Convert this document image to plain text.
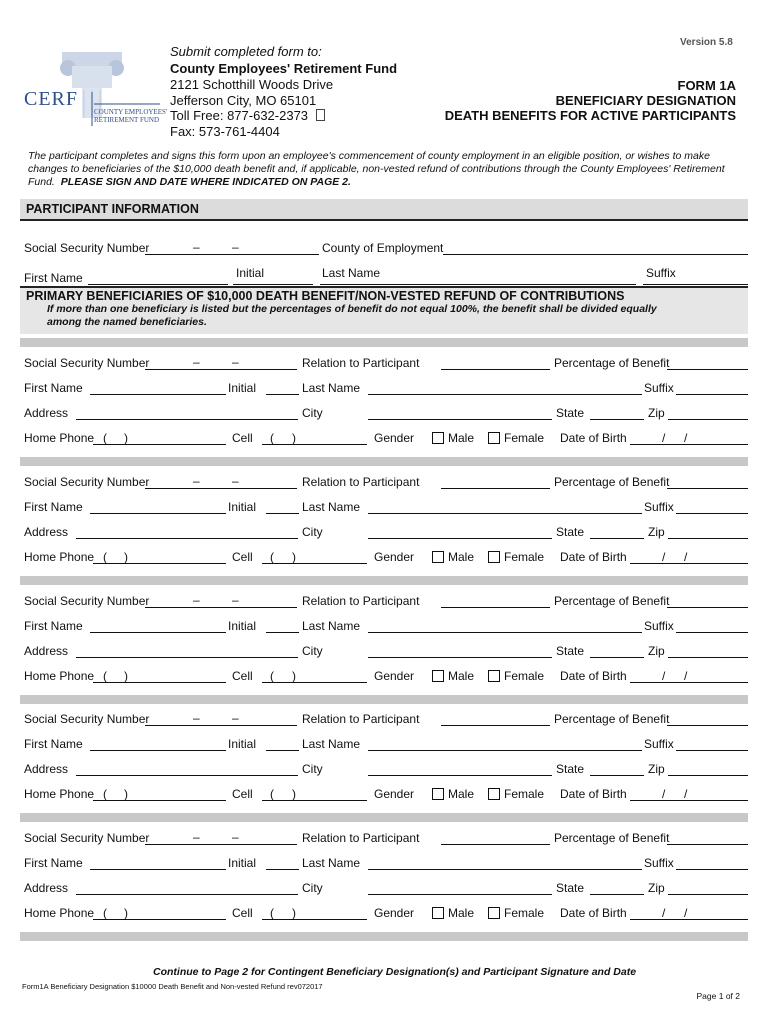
Version 5.8
CERF
COUNTY EMPLOYEES'
RETIREMENT FUND
Submit completed form to:
County Employees' Retirement Fund
2121 Schotthill Woods Drive
Jefferson City, MO 65101
Toll Free: 877-632-2373
Fax: 573-761-4404
FORM 1A
BENEFICIARY DESIGNATION
DEATH BENEFITS FOR ACTIVE PARTICIPANTS
The participant completes and signs this form upon an employee's commencement of county employment in an eligible position, or wishes to make
changes to beneficiaries of the $10,000 death benefit and, if applicable, non-vested refund of contributions through the County Employees' Retirement
Fund. PLEASE SIGN AND DATE WHERE INDICATED ON PAGE 2.
PARTICIPANT INFORMATION
Social Security Number	–	–	County of Employment
First Name	Initial	Last Name	Suffix
PRIMARY BENEFICIARIES OF $10,000 DEATH BENEFIT/NON-VESTED REFUND OF CONTRIBUTIONS
If more than one beneficiary is listed but the percentages of benefit do not equal 100%, the benefit shall be divided equally
among the named beneficiaries.
Social Security Number	–	–	Relation to Participant	Percentage of Benefit
First Name	Initial	Last Name	Suffix
Address	City	State	Zip
Home Phone ( )	Cell ( )	Gender	Male Female Date of Birth	/ /
Social Security Number	–	–	Relation to Participant	Percentage of Benefit
First Name	Initial	Last Name	Suffix
Address	City	State	Zip
Home Phone ( )	Cell ( )	Gender	Male Female Date of Birth	/ /
Social Security Number	–	–	Relation to Participant	Percentage of Benefit
First Name	Initial	Last Name	Suffix
Address	City	State	Zip
Home Phone ( )	Cell ( )	Gender	Male Female Date of Birth	/ /
Social Security Number	–	–	Relation to Participant	Percentage of Benefit
First Name	Initial	Last Name	Suffix
Address	City	State	Zip
Home Phone ( )	Cell ( )	Gender	Male Female Date of Birth	/ /
Social Security Number	–	–	Relation to Participant	Percentage of Benefit
First Name	Initial	Last Name	Suffix
Address	City	State	Zip
Home Phone ( )	Cell ( )	Gender	Male Female Date of Birth	/ /
Continue to Page 2 for Contingent Beneficiary Designation(s) and Participant Signature and Date
Form1A Beneficiary Designation $10000 Death Benefit and Non-vested Refund rev072017
Page 1 of 2
